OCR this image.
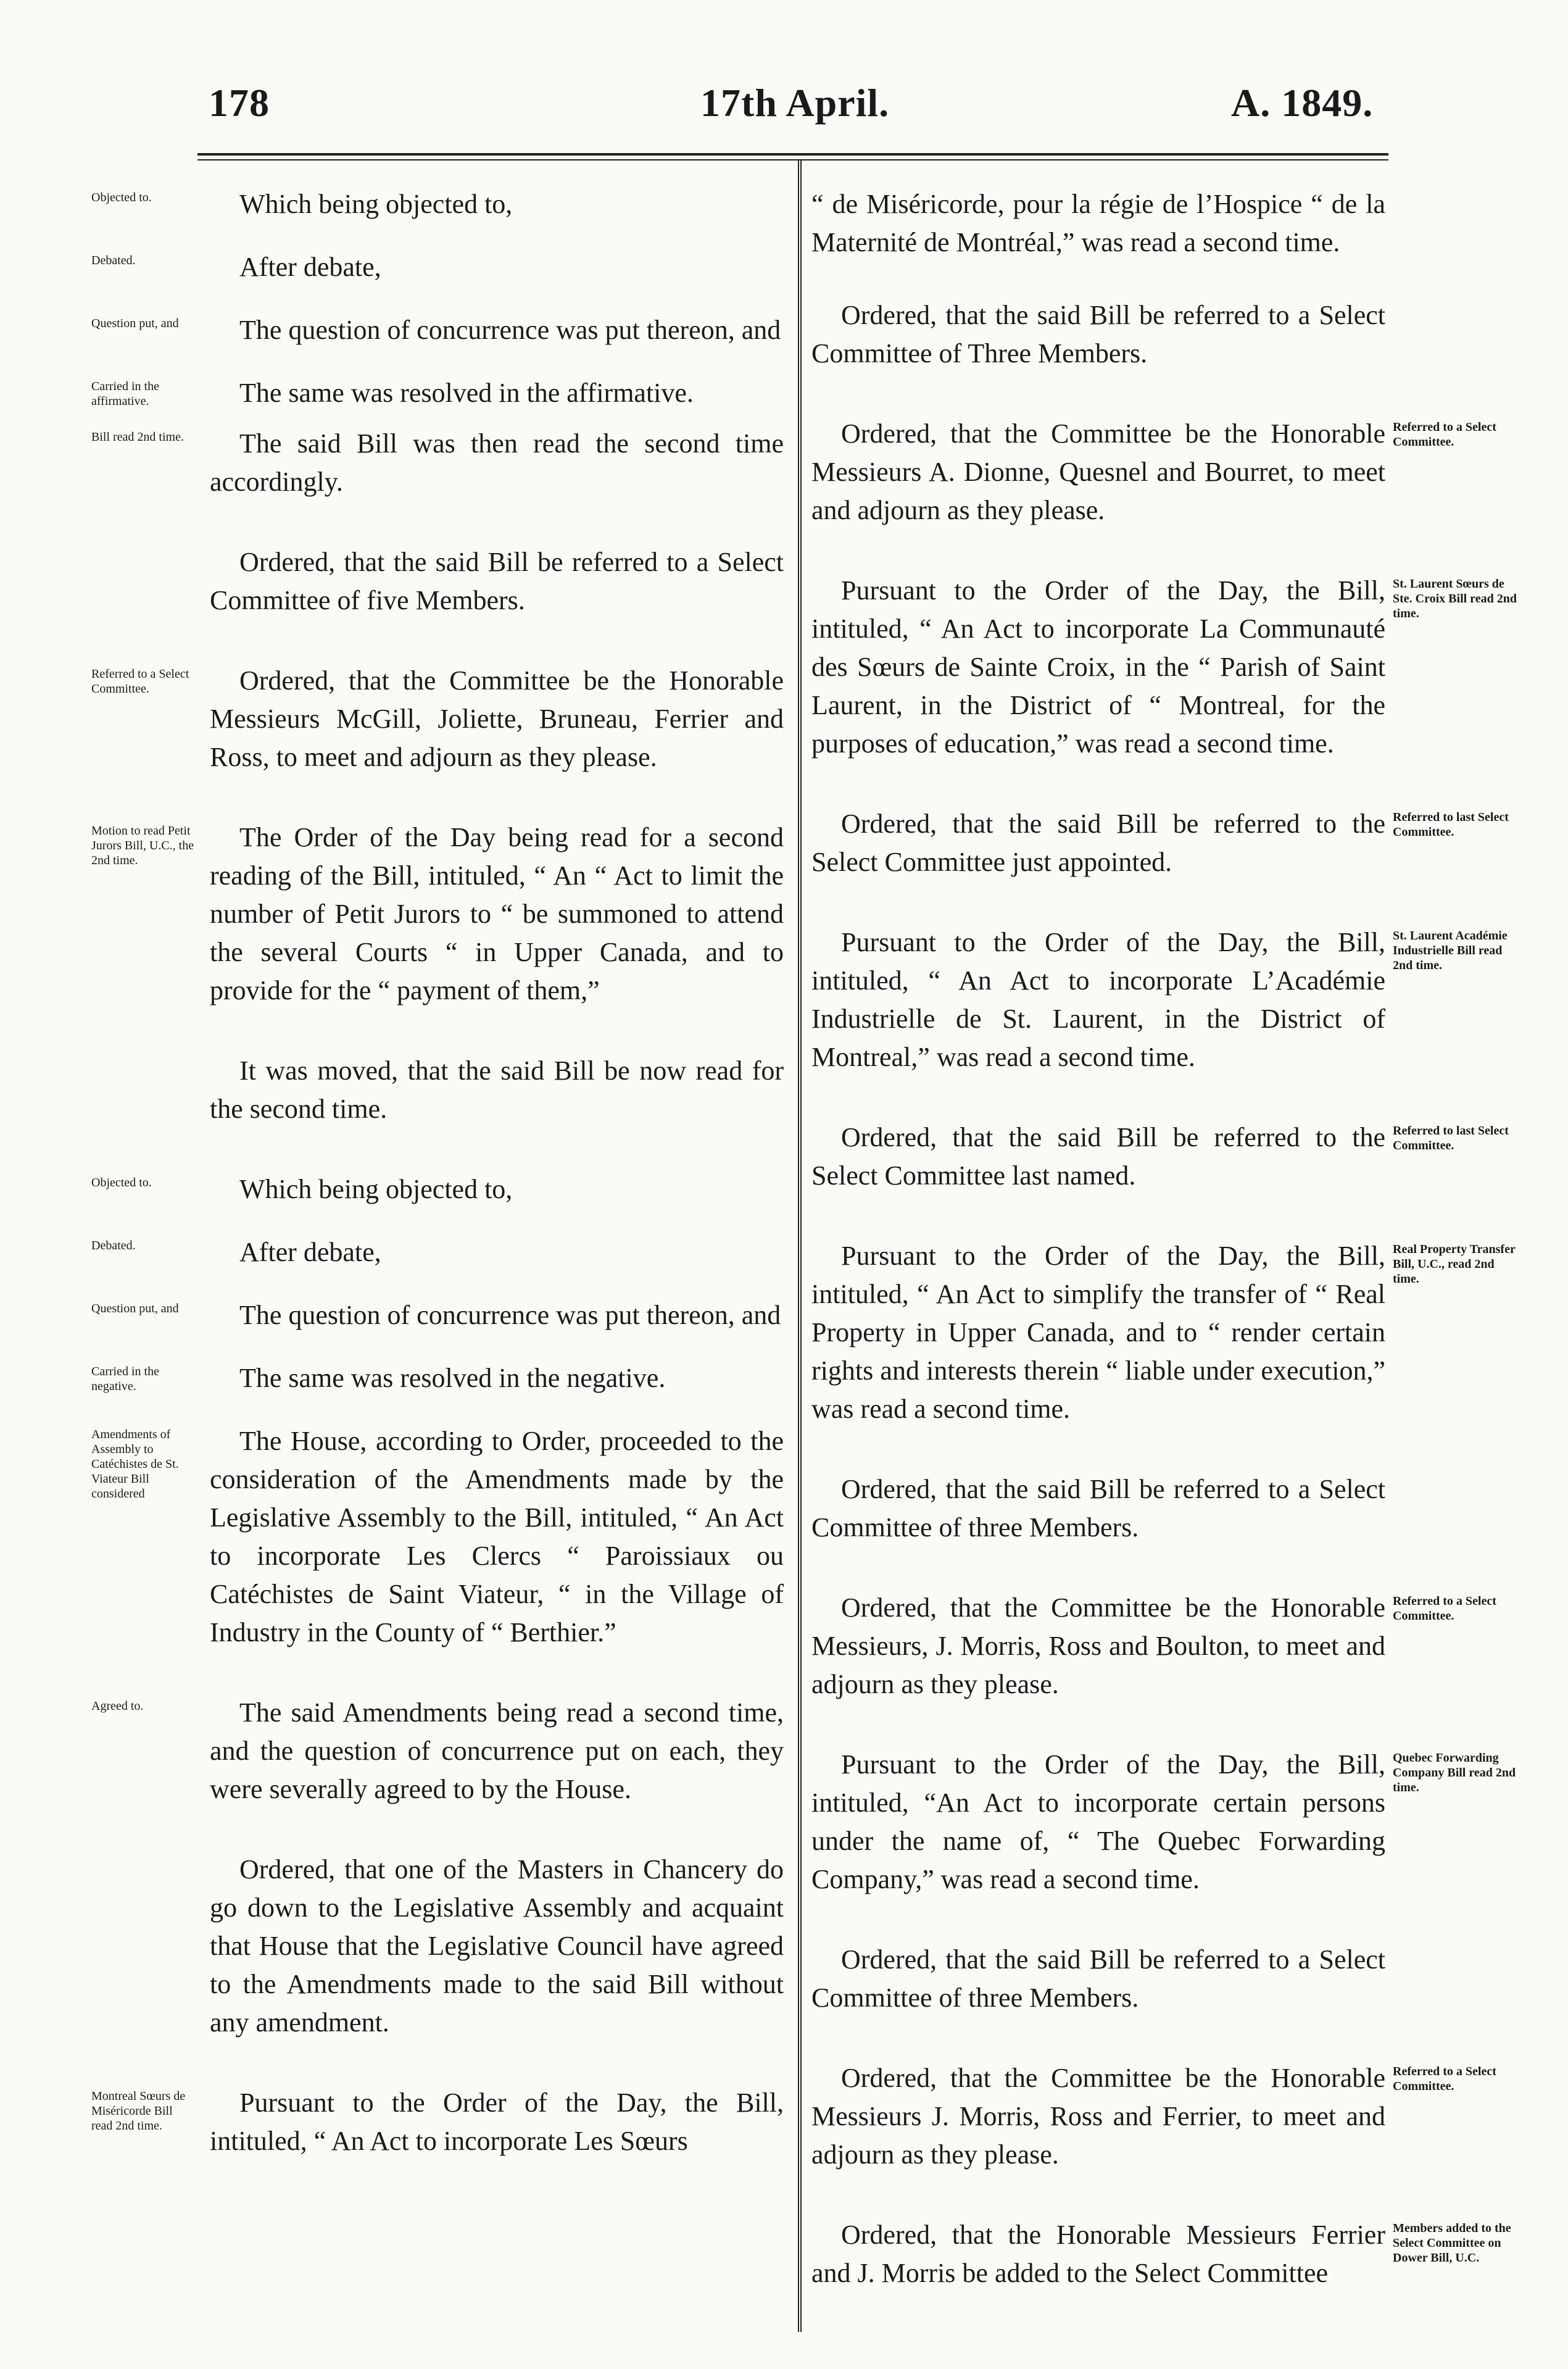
178	17th April.	A. 1849.
Objected to.	Which being objected to,
Debated.	After debate,
Question put, and	The question of concurrence was put thereon, and
Carried in the affirmative.	The same was resolved in the affirmative.
Bill read 2nd time.	The said Bill was then read the second time accordingly.
Ordered, that the said Bill be referred to a Select Committee of five Members.
Referred to a Select Committee.	Ordered, that the Committee be the Honorable Messieurs McGill, Joliette, Bruneau, Ferrier and Ross, to meet and adjourn as they please.
Motion to read Petit Jurors Bill, U.C., the 2nd time.
The Order of the Day being read for a second reading of the Bill, intituled, “ An “ Act to limit the number of Petit Jurors to “ be summoned to attend the several Courts “ in Upper Canada, and to provide for the “ payment of them,”
It was moved, that the said Bill be now read for the second time.
Objected to.	Which being objected to,
Debated.	After debate,
Question put, and	The question of concurrence was put thereon, and
Carried in the negative.	The same was resolved in the negative.
Amendments of Assembly to Catéchistes de St. Viateur Bill considered
The House, according to Order, proceeded to the consideration of the Amendments made by the Legislative Assembly to the Bill, intituled, “ An Act to incorporate Les Clercs “ Paroissiaux ou Catéchistes de Saint Viateur, “ in the Village of Industry in the County of “ Berthier.”
Agreed to.	The said Amendments being read a second time, and the question of concurrence put on each, they were severally agreed to by the House.
Ordered, that one of the Masters in Chancery do go down to the Legislative Assembly and acquaint that House that the Legislative Council have agreed to the Amendments made to the said Bill without any amendment.
Montreal Sœurs de Miséricorde Bill read 2nd time.
Pursuant to the Order of the Day, the Bill, intituled, “ An Act to incorporate Les Sœurs
“ de Miséricorde, pour la régie de l’Hospice “ de la Maternité de Montréal,” was read a second time.
Ordered, that the said Bill be referred to a Select Committee of Three Members.
Referred to a Select Committee.
Ordered, that the Committee be the Honorable Messieurs A. Dionne, Quesnel and Bourret, to meet and adjourn as they please.
St. Laurent Sœurs de Ste. Croix Bill read 2nd time.
Pursuant to the Order of the Day, the Bill, intituled, “ An Act to incorporate La Communauté des Sœurs de Sainte Croix, in the “ Parish of Saint Laurent, in the District of “ Montreal, for the purposes of education,” was read a second time.
Referred to last Select Committee.
Ordered, that the said Bill be referred to the Select Committee just appointed.
St. Laurent Académie Industrielle Bill read 2nd time.
Pursuant to the Order of the Day, the Bill, intituled, “ An Act to incorporate L’Académie Industrielle de St. Laurent, in the District of Montreal,” was read a second time.
Referred to last Select Committee.
Ordered, that the said Bill be referred to the Select Committee last named.
Real Property Transfer Bill, U.C., read 2nd time.
Pursuant to the Order of the Day, the Bill, intituled, “ An Act to simplify the transfer of “ Real Property in Upper Canada, and to “ render certain rights and interests therein “ liable under execution,” was read a second time.
Ordered, that the said Bill be referred to a Select Committee of three Members.
Referred to a Select Committee.
Ordered, that the Committee be the Honorable Messieurs, J. Morris, Ross and Boulton, to meet and adjourn as they please.
Quebec Forwarding Company Bill read 2nd time.
Pursuant to the Order of the Day, the Bill, intituled, “An Act to incorporate certain persons under the name of, “ The Quebec Forwarding Company,” was read a second time.
Ordered, that the said Bill be referred to a Select Committee of three Members.
Referred to a Select Committee.
Ordered, that the Committee be the Honorable Messieurs J. Morris, Ross and Ferrier, to meet and adjourn as they please.
Members added to the Select Committee on Dower Bill, U.C.
Ordered, that the Honorable Messieurs Ferrier and J. Morris be added to the Select Committee
